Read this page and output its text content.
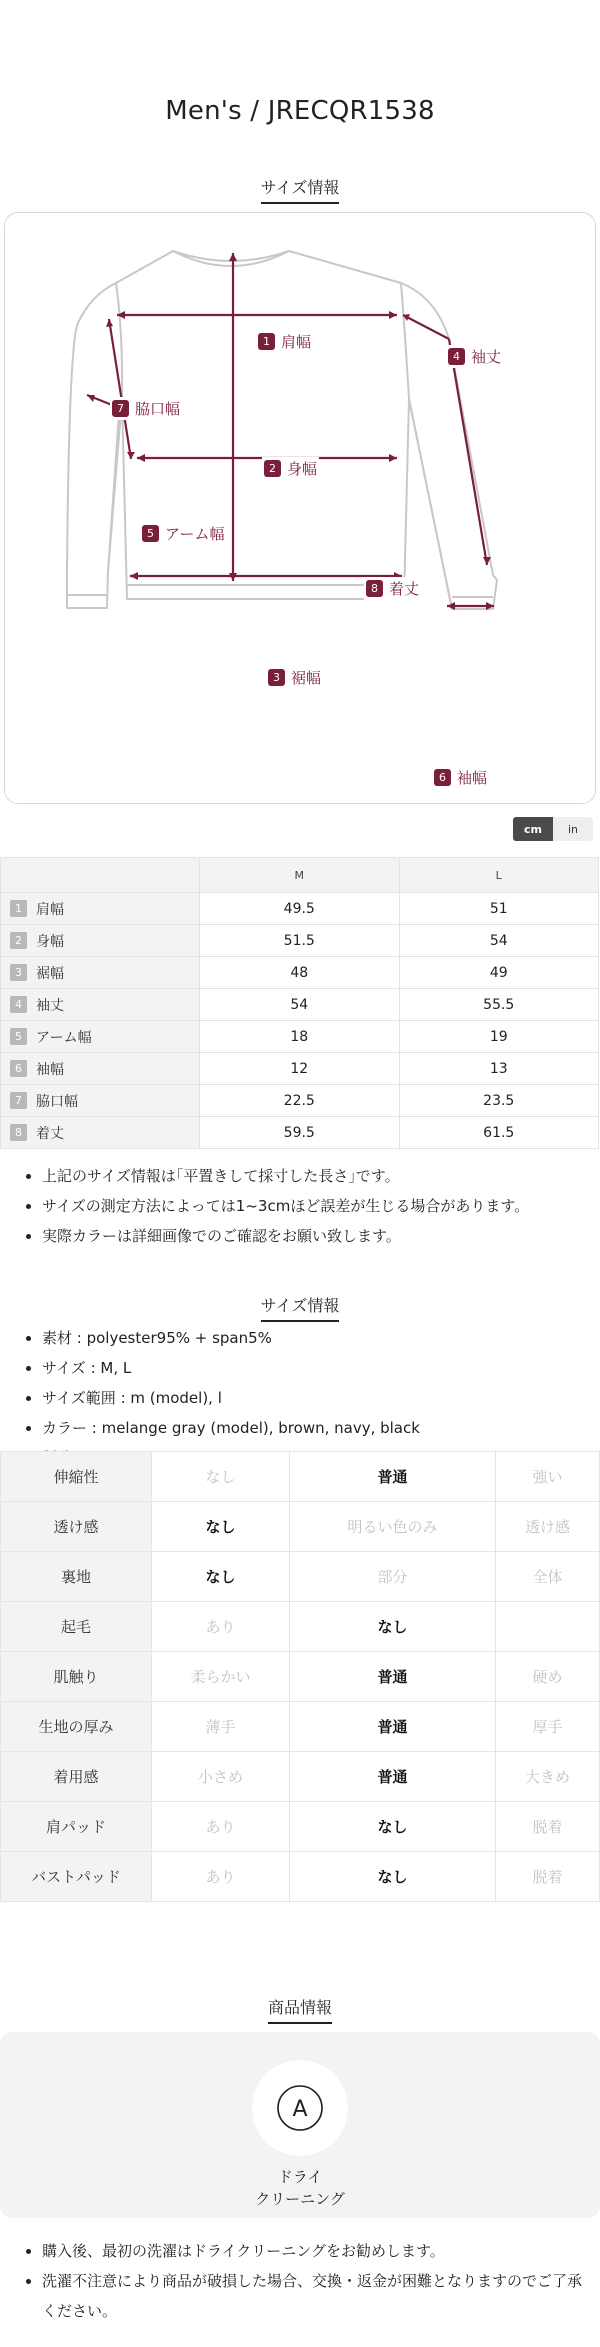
Men's / JRECQR1538
サイズ情報
1 肩幅
2 身幅
3 裾幅
4 袖丈
5 アーム幅
6 袖幅
7 脇口幅
8 着丈
cm	in
	M	L
1 肩幅	49.5	51
2 身幅	51.5	54
3 裾幅	48	49
4 袖丈	54	55.5
5 アーム幅	18	19
6 袖幅	12	13
7 脇口幅	22.5	23.5
8 着丈	59.5	61.5
• 上記のサイズ情報は｢平置きして採寸した長さ｣です。
• サイズの測定方法によっては1~3cmほど誤差が生じる場合があります。
• 実際カラーは詳細画像でのご確認をお願い致します。
サイズ情報
• 素材 : polyester95% + span5%
• サイズ : M, L
• サイズ範囲 : m (model), l
• カラー : melange gray (model), brown, navy, black
•
伸縮性	なし	普通	強い
透け感	なし	明るい色のみ	透け感
裏地	なし	部分	全体
起毛	あり	なし	
肌触り	柔らかい	普通	硬め
生地の厚み	薄手	普通	厚手
着用感	小さめ	普通	大きめ
肩パッド	あり	なし	脱着
バストパッド	あり	なし	脱着
商品情報
A
ドライ
クリーニング
• 購入後、最初の洗濯はドライクリーニングをお勧めします。
• 洗濯不注意により商品が破損した場合、交換・返金が困難となりますのでご了承ください。
